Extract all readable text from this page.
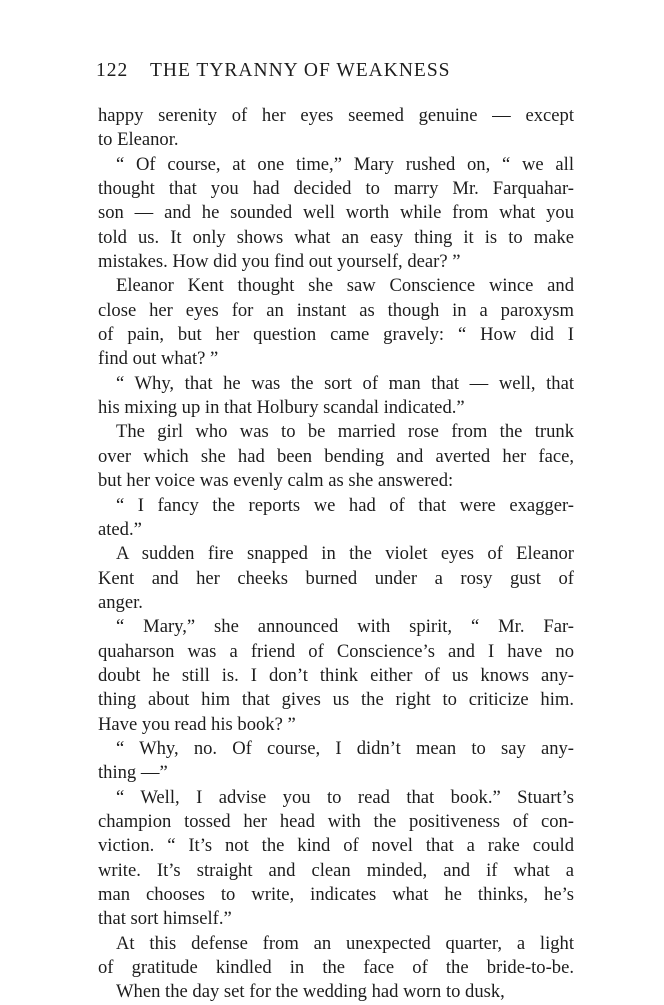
122 THE TYRANNY OF WEAKNESS
happy serenity of her eyes seemed genuine — except
to Eleanor.
“ Of course, at one time,” Mary rushed on, “ we all
thought that you had decided to marry Mr. Farquahar-
son — and he sounded well worth while from what you
told us. It only shows what an easy thing it is to make
mistakes. How did you find out yourself, dear? ”
Eleanor Kent thought she saw Conscience wince and
close her eyes for an instant as though in a paroxysm
of pain, but her question came gravely: “ How did I
find out what? ”
“ Why, that he was the sort of man that — well, that
his mixing up in that Holbury scandal indicated.”
The girl who was to be married rose from the trunk
over which she had been bending and averted her face,
but her voice was evenly calm as she answered:
“ I fancy the reports we had of that were exagger-
ated.”
A sudden fire snapped in the violet eyes of Eleanor
Kent and her cheeks burned under a rosy gust of
anger.
“ Mary,” she announced with spirit, “ Mr. Far-
quaharson was a friend of Conscience’s and I have no
doubt he still is. I don’t think either of us knows any-
thing about him that gives us the right to criticize him.
Have you read his book? ”
“ Why, no. Of course, I didn’t mean to say any-
thing —”
“ Well, I advise you to read that book.” Stuart’s
champion tossed her head with the positiveness of con-
viction. “ It’s not the kind of novel that a rake could
write. It’s straight and clean minded, and if what a
man chooses to write, indicates what he thinks, he’s
that sort himself.”
At this defense from an unexpected quarter, a light
of gratitude kindled in the face of the bride-to-be.
When the day set for the wedding had worn to dusk,
